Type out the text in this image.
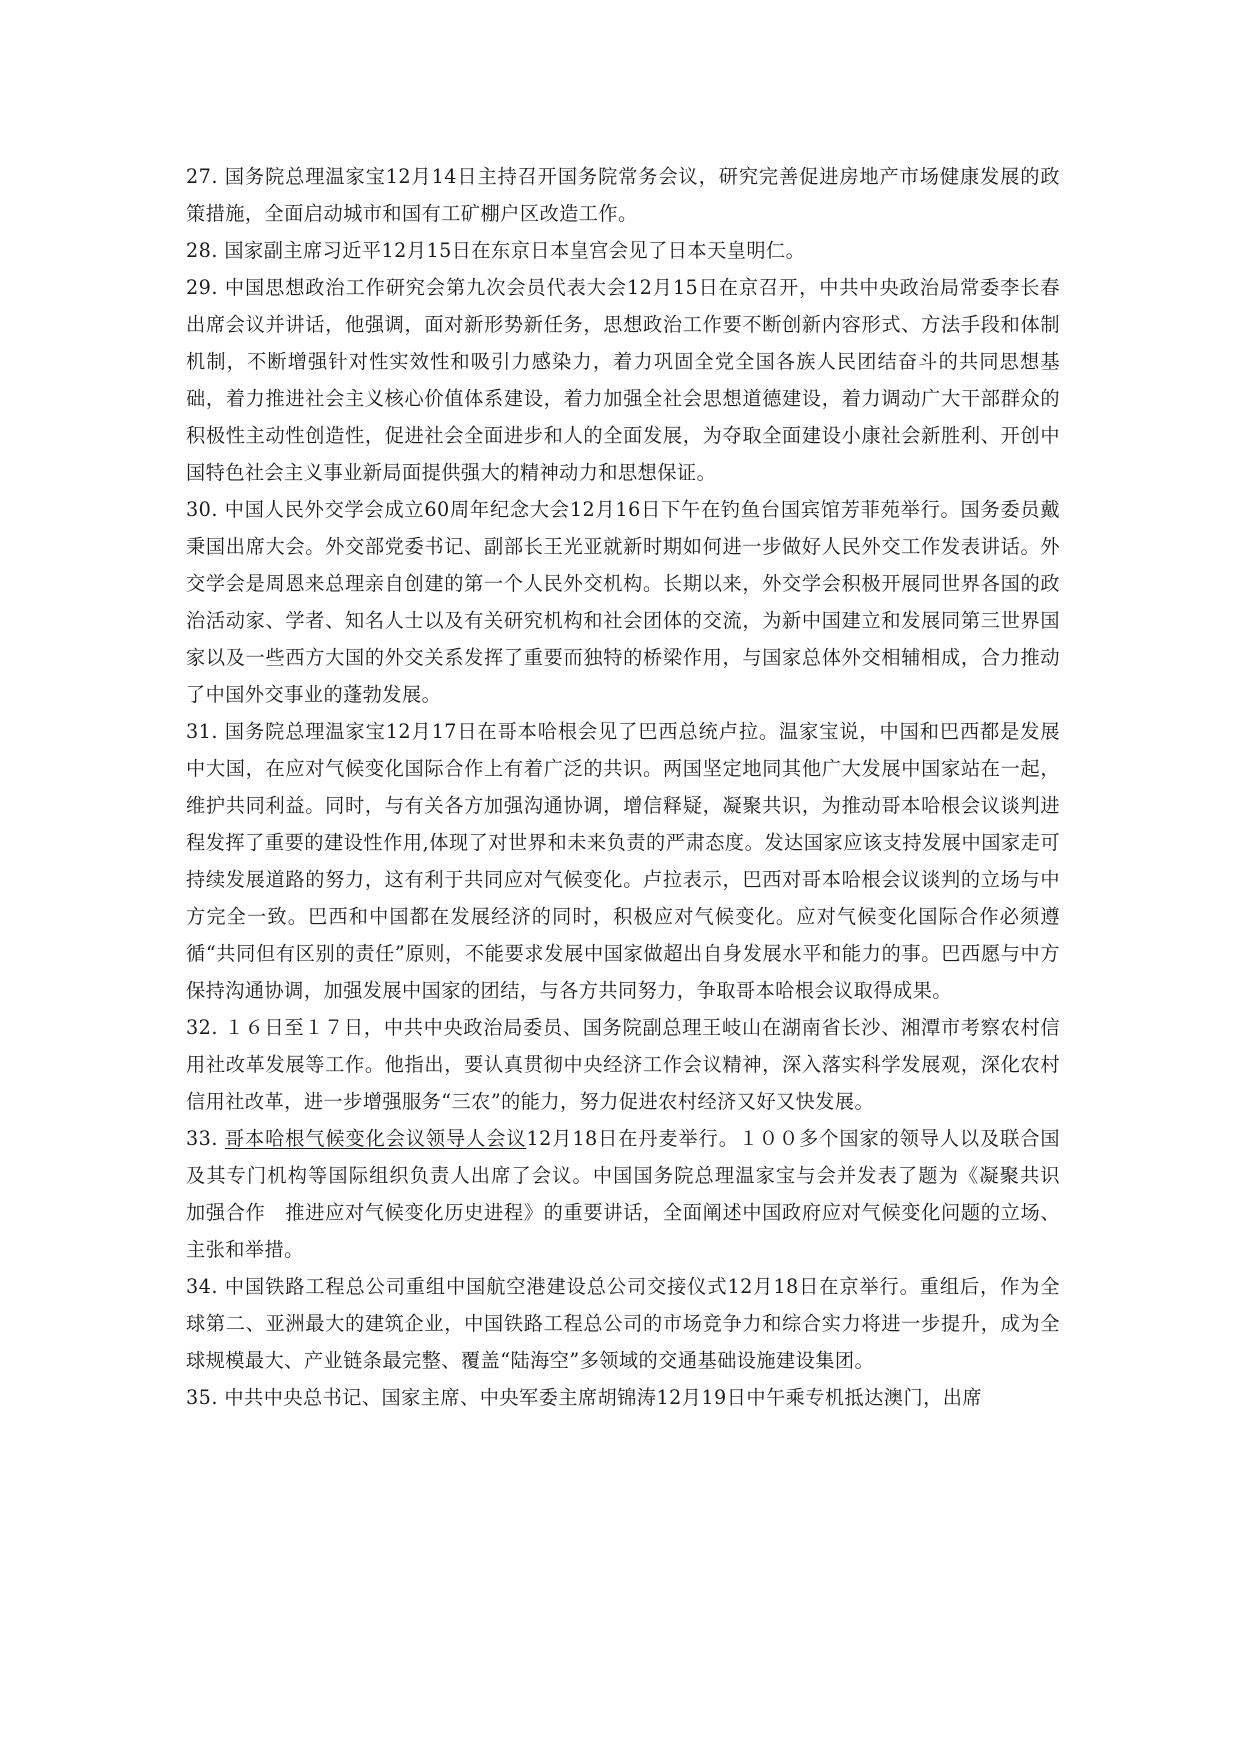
27. 国务院总理温家宝12月14日主持召开国务院常务会议，研究完善促进房地产市场健康发展的政策措施，全面启动城市和国有工矿棚户区改造工作。

28. 国家副主席习近平12月15日在东京日本皇宫会见了日本天皇明仁。

29. 中国思想政治工作研究会第九次会员代表大会12月15日在京召开，中共中央政治局常委李长春出席会议并讲话，他强调，面对新形势新任务，思想政治工作要不断创新内容形式、方法手段和体制机制，不断增强针对性实效性和吸引力感染力，着力巩固全党全国各族人民团结奋斗的共同思想基础，着力推进社会主义核心价值体系建设，着力加强全社会思想道德建设，着力调动广大干部群众的积极性主动性创造性，促进社会全面进步和人的全面发展，为夺取全面建设小康社会新胜利、开创中国特色社会主义事业新局面提供强大的精神动力和思想保证。

30. 中国人民外交学会成立60周年纪念大会12月16日下午在钓鱼台国宾馆芳菲苑举行。国务委员戴秉国出席大会。外交部党委书记、副部长王光亚就新时期如何进一步做好人民外交工作发表讲话。外交学会是周恩来总理亲自创建的第一个人民外交机构。长期以来，外交学会积极开展同世界各国的政治活动家、学者、知名人士以及有关研究机构和社会团体的交流，为新中国建立和发展同第三世界国家以及一些西方大国的外交关系发挥了重要而独特的桥梁作用，与国家总体外交相辅相成，合力推动了中国外交事业的蓬勃发展。

31. 国务院总理温家宝12月17日在哥本哈根会见了巴西总统卢拉。温家宝说，中国和巴西都是发展中大国，在应对气候变化国际合作上有着广泛的共识。两国坚定地同其他广大发展中国家站在一起，维护共同利益。同时，与有关各方加强沟通协调，增信释疑，凝聚共识，为推动哥本哈根会议谈判进程发挥了重要的建设性作用,体现了对世界和未来负责的严肃态度。发达国家应该支持发展中国家走可持续发展道路的努力，这有利于共同应对气候变化。卢拉表示，巴西对哥本哈根会议谈判的立场与中方完全一致。巴西和中国都在发展经济的同时，积极应对气候变化。应对气候变化国际合作必须遵循“共同但有区别的责任”原则，不能要求发展中国家做超出自身发展水平和能力的事。巴西愿与中方保持沟通协调，加强发展中国家的团结，与各方共同努力，争取哥本哈根会议取得成果。

32. １６日至１７日，中共中央政治局委员、国务院副总理王岐山在湖南省长沙、湘潭市考察农村信用社改革发展等工作。他指出，要认真贯彻中央经济工作会议精神，深入落实科学发展观，深化农村信用社改革，进一步增强服务“三农”的能力，努力促进农村经济又好又快发展。

33. 哥本哈根气候变化会议领导人会议12月18日在丹麦举行。１００多个国家的领导人以及联合国及其专门机构等国际组织负责人出席了会议。中国国务院总理温家宝与会并发表了题为《凝聚共识　加强合作　推进应对气候变化历史进程》的重要讲话，全面阐述中国政府应对气候变化问题的立场、主张和举措。

34. 中国铁路工程总公司重组中国航空港建设总公司交接仪式12月18日在京举行。重组后，作为全球第二、亚洲最大的建筑企业，中国铁路工程总公司的市场竞争力和综合实力将进一步提升，成为全球规模最大、产业链条最完整、覆盖“陆海空”多领域的交通基础设施建设集团。

35. 中共中央总书记、国家主席、中央军委主席胡锦涛12月19日中午乘专机抵达澳门，出席
